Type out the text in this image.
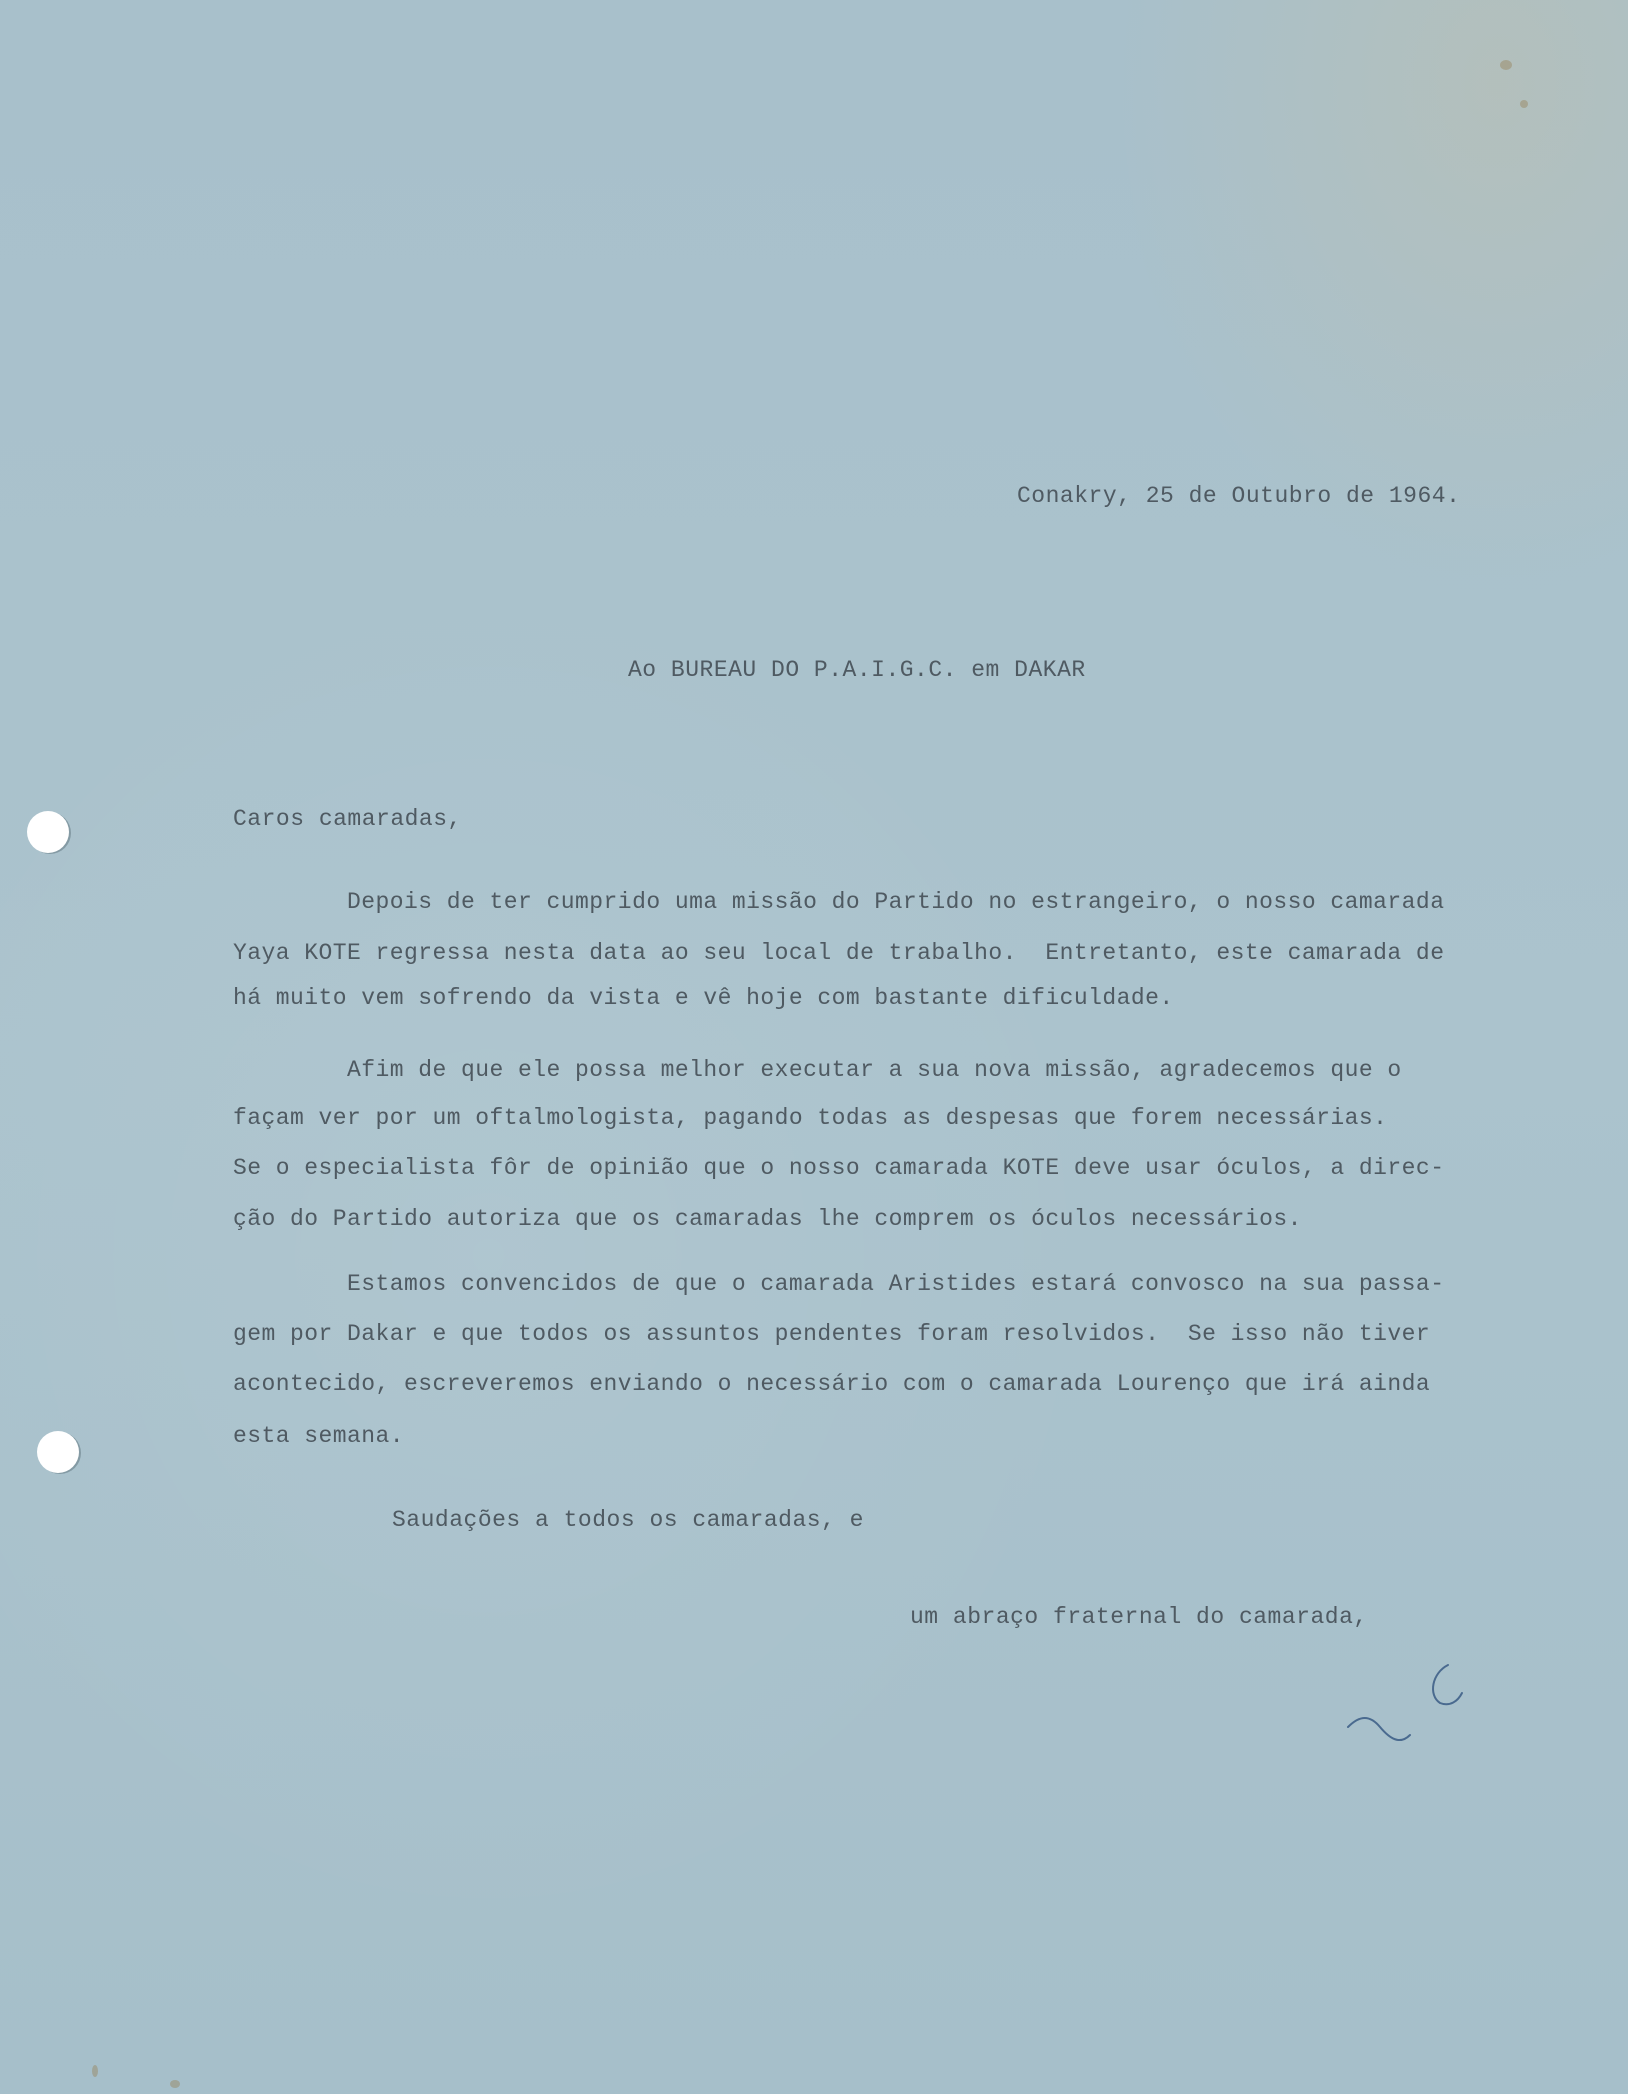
Conakry, 25 de Outubro de 1964.
Ao BUREAU DO P.A.I.G.C. em DAKAR
Caros camaradas,
Depois de ter cumprido uma missão do Partido no estrangeiro, o nosso camarada
Yaya KOTE regressa nesta data ao seu local de trabalho.  Entretanto, este camarada de
há muito vem sofrendo da vista e vê hoje com bastante dificuldade.
Afim de que ele possa melhor executar a sua nova missão, agradecemos que o
façam ver por um oftalmologista, pagando todas as despesas que forem necessárias.
Se o especialista fôr de opinião que o nosso camarada KOTE deve usar óculos, a direc-
ção do Partido autoriza que os camaradas lhe comprem os óculos necessários.
Estamos convencidos de que o camarada Aristides estará convosco na sua passa-
gem por Dakar e que todos os assuntos pendentes foram resolvidos.  Se isso não tiver
acontecido, escreveremos enviando o necessário com o camarada Lourenço que irá ainda
esta semana.
Saudações a todos os camaradas, e
um abraço fraternal do camarada,
